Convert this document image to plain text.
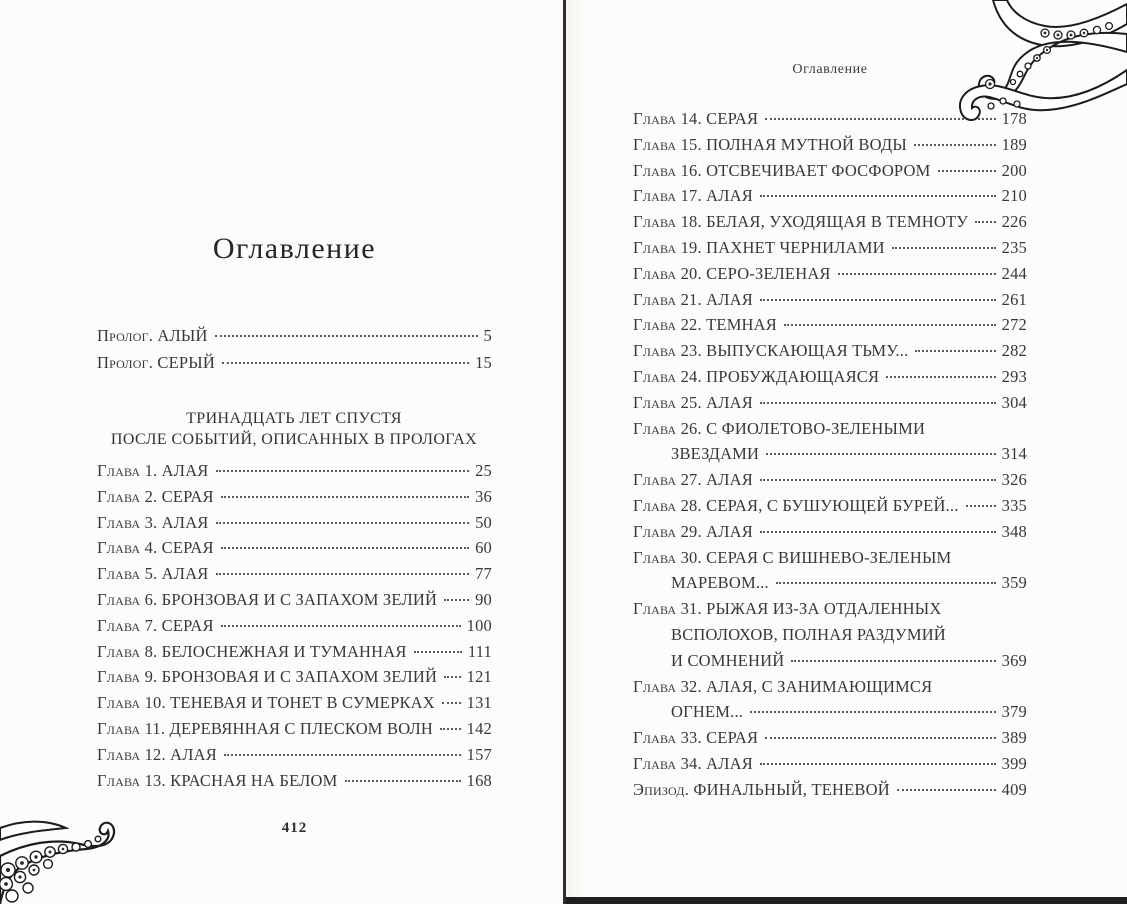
Оглавление
Пролог. АЛЫЙ	5
Пролог. СЕРЫЙ	15
ТРИНАДЦАТЬ ЛЕТ СПУСТЯ
ПОСЛЕ СОБЫТИЙ, ОПИСАННЫХ В ПРОЛОГАХ
Глава 1. АЛАЯ	25
Глава 2. СЕРАЯ	36
Глава 3. АЛАЯ	50
Глава 4. СЕРАЯ	60
Глава 5. АЛАЯ	77
Глава 6. БРОНЗОВАЯ И С ЗАПАХОМ ЗЕЛИЙ 90
Глава 7. СЕРАЯ	100
Глава 8. БЕЛОСНЕЖНАЯ И ТУМАННАЯ	111
Глава 9. БРОНЗОВАЯ И С ЗАПАХОМ ЗЕЛИЙ 121
Глава 10. ТЕНЕВАЯ И ТОНЕТ В СУМЕРКАХ 131
Глава 11. ДЕРЕВЯННАЯ С ПЛЕСКОМ ВОЛН 142
Глава 12. АЛАЯ	157
Глава 13. КРАСНАЯ НА БЕЛОМ	168
412
Оглавление
Глава 14. СЕРАЯ	178
Глава 15. ПОЛНАЯ МУТНОЙ ВОДЫ	189
Глава 16. ОТСВЕЧИВАЕТ ФОСФОРОМ	200
Глава 17. АЛАЯ	210
Глава 18. БЕЛАЯ, УХОДЯЩАЯ В ТЕМНОТУ 226
Глава 19. ПАХНЕТ ЧЕРНИЛАМИ	235
Глава 20. СЕРО-ЗЕЛЕНАЯ	244
Глава 21. АЛАЯ	261
Глава 22. ТЕМНАЯ	272
Глава 23. ВЫПУСКАЮЩАЯ ТЬМУ...	282
Глава 24. ПРОБУЖДАЮЩАЯСЯ	293
Глава 25. АЛАЯ	304
Глава 26. С ФИОЛЕТОВО-ЗЕЛЕНЫМИ
ЗВЕЗДАМИ	314
Глава 27. АЛАЯ	326
Глава 28. СЕРАЯ, С БУШУЮЩЕЙ БУРЕЙ...	335
Глава 29. АЛАЯ	348
Глава 30. СЕРАЯ С ВИШНЕВО-ЗЕЛЕНЫМ
МАРЕВОМ...	359
Глава 31. РЫЖАЯ ИЗ-ЗА ОТДАЛЕННЫХ
ВСПОЛОХОВ, ПОЛНАЯ РАЗДУМИЙ
И СОМНЕНИЙ	369
Глава 32. АЛАЯ, С ЗАНИМАЮЩИМСЯ
ОГНЕМ...	379
Глава 33. СЕРАЯ	389
Глава 34. АЛАЯ	399
Эпизод. ФИНАЛЬНЫЙ, ТЕНЕВОЙ	409
